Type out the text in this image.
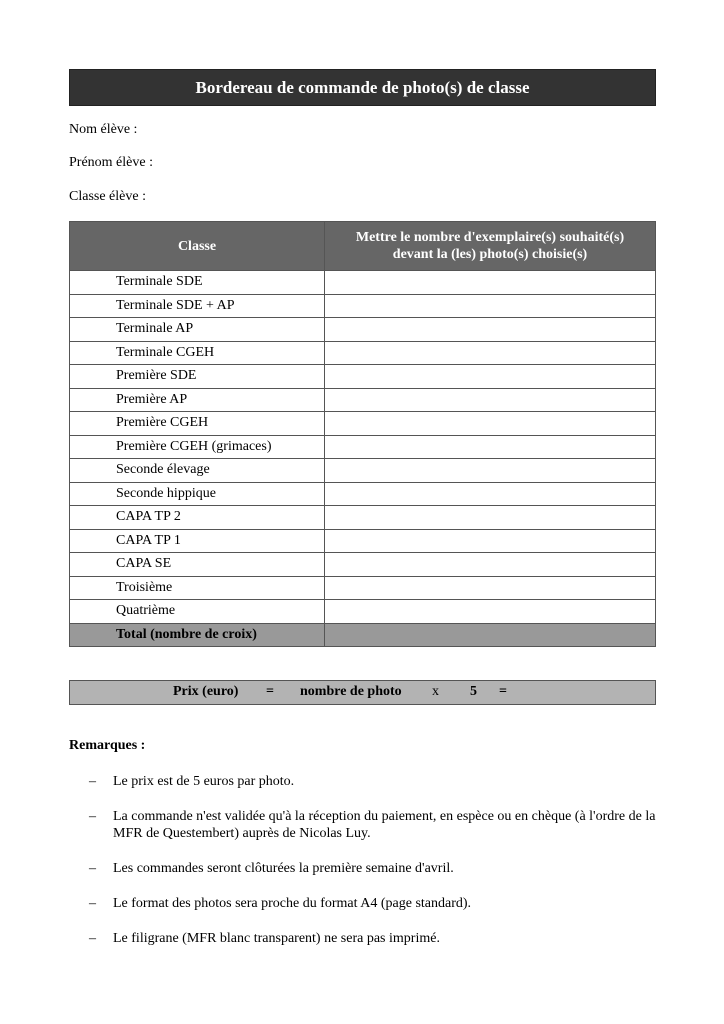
Bordereau de commande de photo(s) de classe
Nom élève :
Prénom élève :
Classe élève :
Classe	Mettre le nombre d'exemplaire(s) souhaité(s) devant la (les) photo(s) choisie(s)
Terminale SDE	
Terminale SDE + AP	
Terminale AP	
Terminale CGEH	
Première SDE	
Première AP	
Première CGEH	
Première CGEH (grimaces)	
Seconde élevage	
Seconde hippique	
CAPA TP 2	
CAPA TP 1	
CAPA SE	
Troisième	
Quatrième	
Total (nombre de croix)	
Prix (euro) = nombre de photo x 5 =
Remarques :
– Le prix est de 5 euros par photo.
– La commande n'est validée qu'à la réception du paiement, en espèce ou en chèque (à l'ordre de la MFR de Questembert) auprès de Nicolas Luy.
– Les commandes seront clôturées la première semaine d'avril.
– Le format des photos sera proche du format A4 (page standard).
– Le filigrane (MFR blanc transparent) ne sera pas imprimé.
